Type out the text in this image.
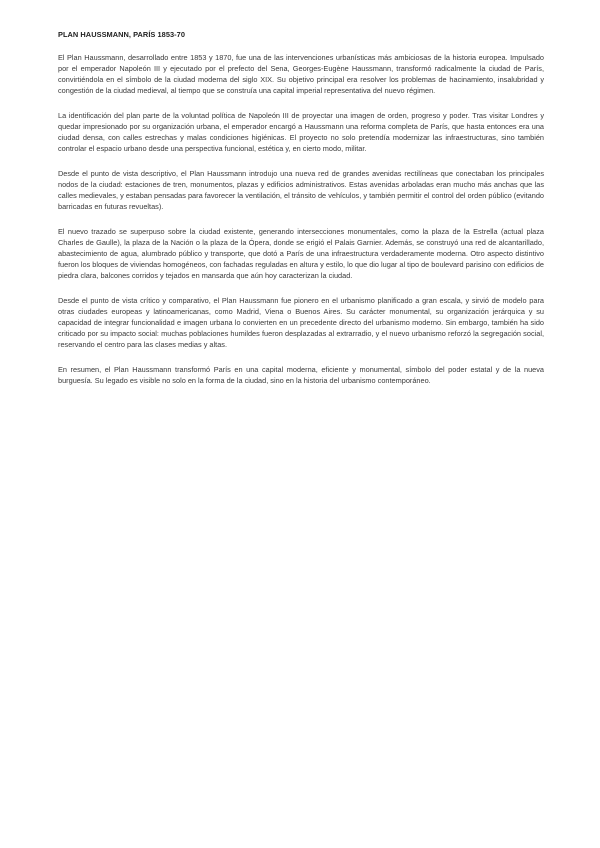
PLAN HAUSSMANN, PARÍS 1853-70

El Plan Haussmann, desarrollado entre 1853 y 1870, fue una de las intervenciones urbanísticas más ambiciosas de la historia europea. Impulsado por el emperador Napoleón III y ejecutado por el prefecto del Sena, Georges-Eugène Haussmann, transformó radicalmente la ciudad de París, convirtiéndola en el símbolo de la ciudad moderna del siglo XIX. Su objetivo principal era resolver los problemas de hacinamiento, insalubridad y congestión de la ciudad medieval, al tiempo que se construía una capital imperial representativa del nuevo régimen.

La identificación del plan parte de la voluntad política de Napoleón III de proyectar una imagen de orden, progreso y poder. Tras visitar Londres y quedar impresionado por su organización urbana, el emperador encargó a Haussmann una reforma completa de París, que hasta entonces era una ciudad densa, con calles estrechas y malas condiciones higiénicas. El proyecto no solo pretendía modernizar las infraestructuras, sino también controlar el espacio urbano desde una perspectiva funcional, estética y, en cierto modo, militar.

Desde el punto de vista descriptivo, el Plan Haussmann introdujo una nueva red de grandes avenidas rectilíneas que conectaban los principales nodos de la ciudad: estaciones de tren, monumentos, plazas y edificios administrativos. Estas avenidas arboladas eran mucho más anchas que las calles medievales, y estaban pensadas para favorecer la ventilación, el tránsito de vehículos, y también permitir el control del orden público (evitando barricadas en futuras revueltas).

El nuevo trazado se superpuso sobre la ciudad existente, generando intersecciones monumentales, como la plaza de la Estrella (actual plaza Charles de Gaulle), la plaza de la Nación o la plaza de la Ópera, donde se erigió el Palais Garnier. Además, se construyó una red de alcantarillado, abastecimiento de agua, alumbrado público y transporte, que dotó a París de una infraestructura verdaderamente moderna. Otro aspecto distintivo fueron los bloques de viviendas homogéneos, con fachadas reguladas en altura y estilo, lo que dio lugar al tipo de boulevard parisino con edificios de piedra clara, balcones corridos y tejados en mansarda que aún hoy caracterizan la ciudad.

Desde el punto de vista crítico y comparativo, el Plan Haussmann fue pionero en el urbanismo planificado a gran escala, y sirvió de modelo para otras ciudades europeas y latinoamericanas, como Madrid, Viena o Buenos Aires. Su carácter monumental, su organización jerárquica y su capacidad de integrar funcionalidad e imagen urbana lo convierten en un precedente directo del urbanismo moderno. Sin embargo, también ha sido criticado por su impacto social: muchas poblaciones humildes fueron desplazadas al extrarradio, y el nuevo urbanismo reforzó la segregación social, reservando el centro para las clases medias y altas.

En resumen, el Plan Haussmann transformó París en una capital moderna, eficiente y monumental, símbolo del poder estatal y de la nueva burguesía. Su legado es visible no solo en la forma de la ciudad, sino en la historia del urbanismo contemporáneo.
